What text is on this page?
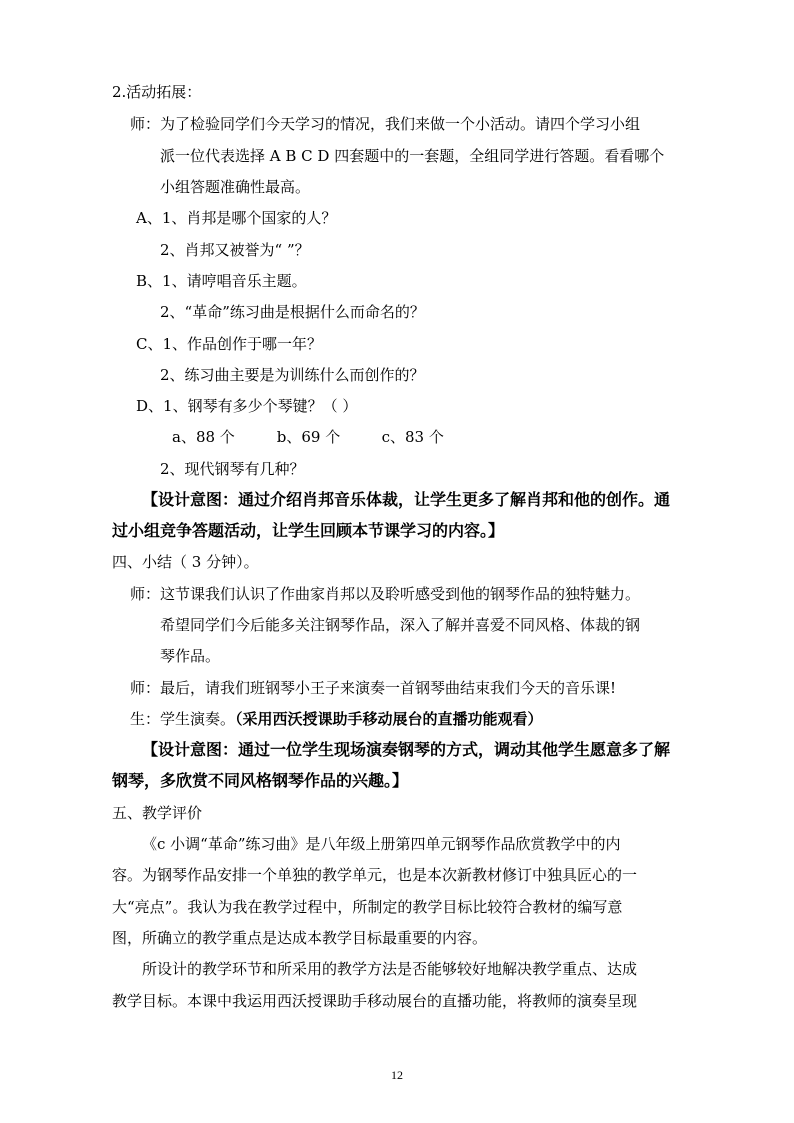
2.活动拓展：
师：为了检验同学们今天学习的情况，我们来做一个小活动。请四个学习小组
派一位代表选择 A B C D 四套题中的一套题，全组同学进行答题。看看哪个
小组答题准确性最高。
A、1、肖邦是哪个国家的人？
2、肖邦又被誉为“ ”？
B、1、请哼唱音乐主题。
2、“革命”练习曲是根据什么而命名的？
C、1、作品创作于哪一年？
2、练习曲主要是为训练什么而创作的？
D、1、钢琴有多少个琴键？（ ）
a、88 个	b、69 个	c、83 个
2、现代钢琴有几种？
【设计意图：通过介绍肖邦音乐体裁，让学生更多了解肖邦和他的创作。通
过小组竞争答题活动，让学生回顾本节课学习的内容。】
四、小结（ 3 分钟）。
师：这节课我们认识了作曲家肖邦以及聆听感受到他的钢琴作品的独特魅力。
希望同学们今后能多关注钢琴作品，深入了解并喜爱不同风格、体裁的钢
琴作品。
师：最后，请我们班钢琴小王子来演奏一首钢琴曲结束我们今天的音乐课!
生：学生演奏。（采用西沃授课助手移动展台的直播功能观看）
【设计意图：通过一位学生现场演奏钢琴的方式，调动其他学生愿意多了解
钢琴，多欣赏不同风格钢琴作品的兴趣。】
五、教学评价
《c 小调“革命”练习曲》是八年级上册第四单元钢琴作品欣赏教学中的内
容。为钢琴作品安排一个单独的教学单元，也是本次新教材修订中独具匠心的一
大“亮点”。我认为我在教学过程中，所制定的教学目标比较符合教材的编写意
图，所确立的教学重点是达成本教学目标最重要的内容。
所设计的教学环节和所采用的教学方法是否能够较好地解决教学重点、达成
教学目标。本课中我运用西沃授课助手移动展台的直播功能，将教师的演奏呈现
12
